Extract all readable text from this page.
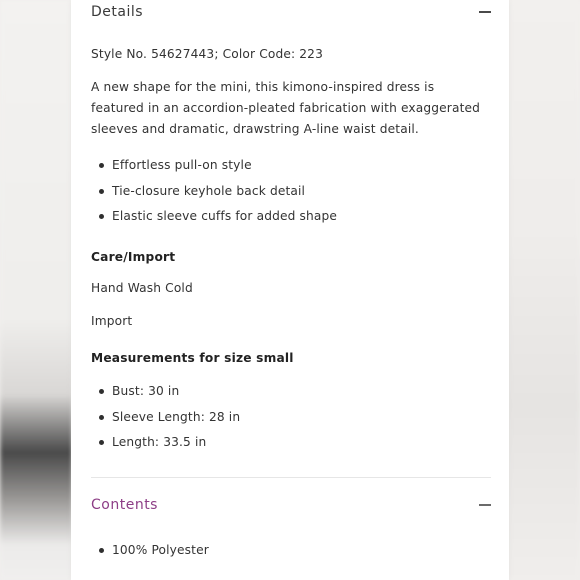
Details
Style No. 54627443; Color Code: 223
A new shape for the mini, this kimono-inspired dress is featured in an accordion-pleated fabrication with exaggerated sleeves and dramatic, drawstring A-line waist detail.
Effortless pull-on style
Tie-closure keyhole back detail
Elastic sleeve cuffs for added shape
Care/Import
Hand Wash Cold
Import
Measurements for size small
Bust: 30 in
Sleeve Length: 28 in
Length: 33.5 in
Contents
100% Polyester
